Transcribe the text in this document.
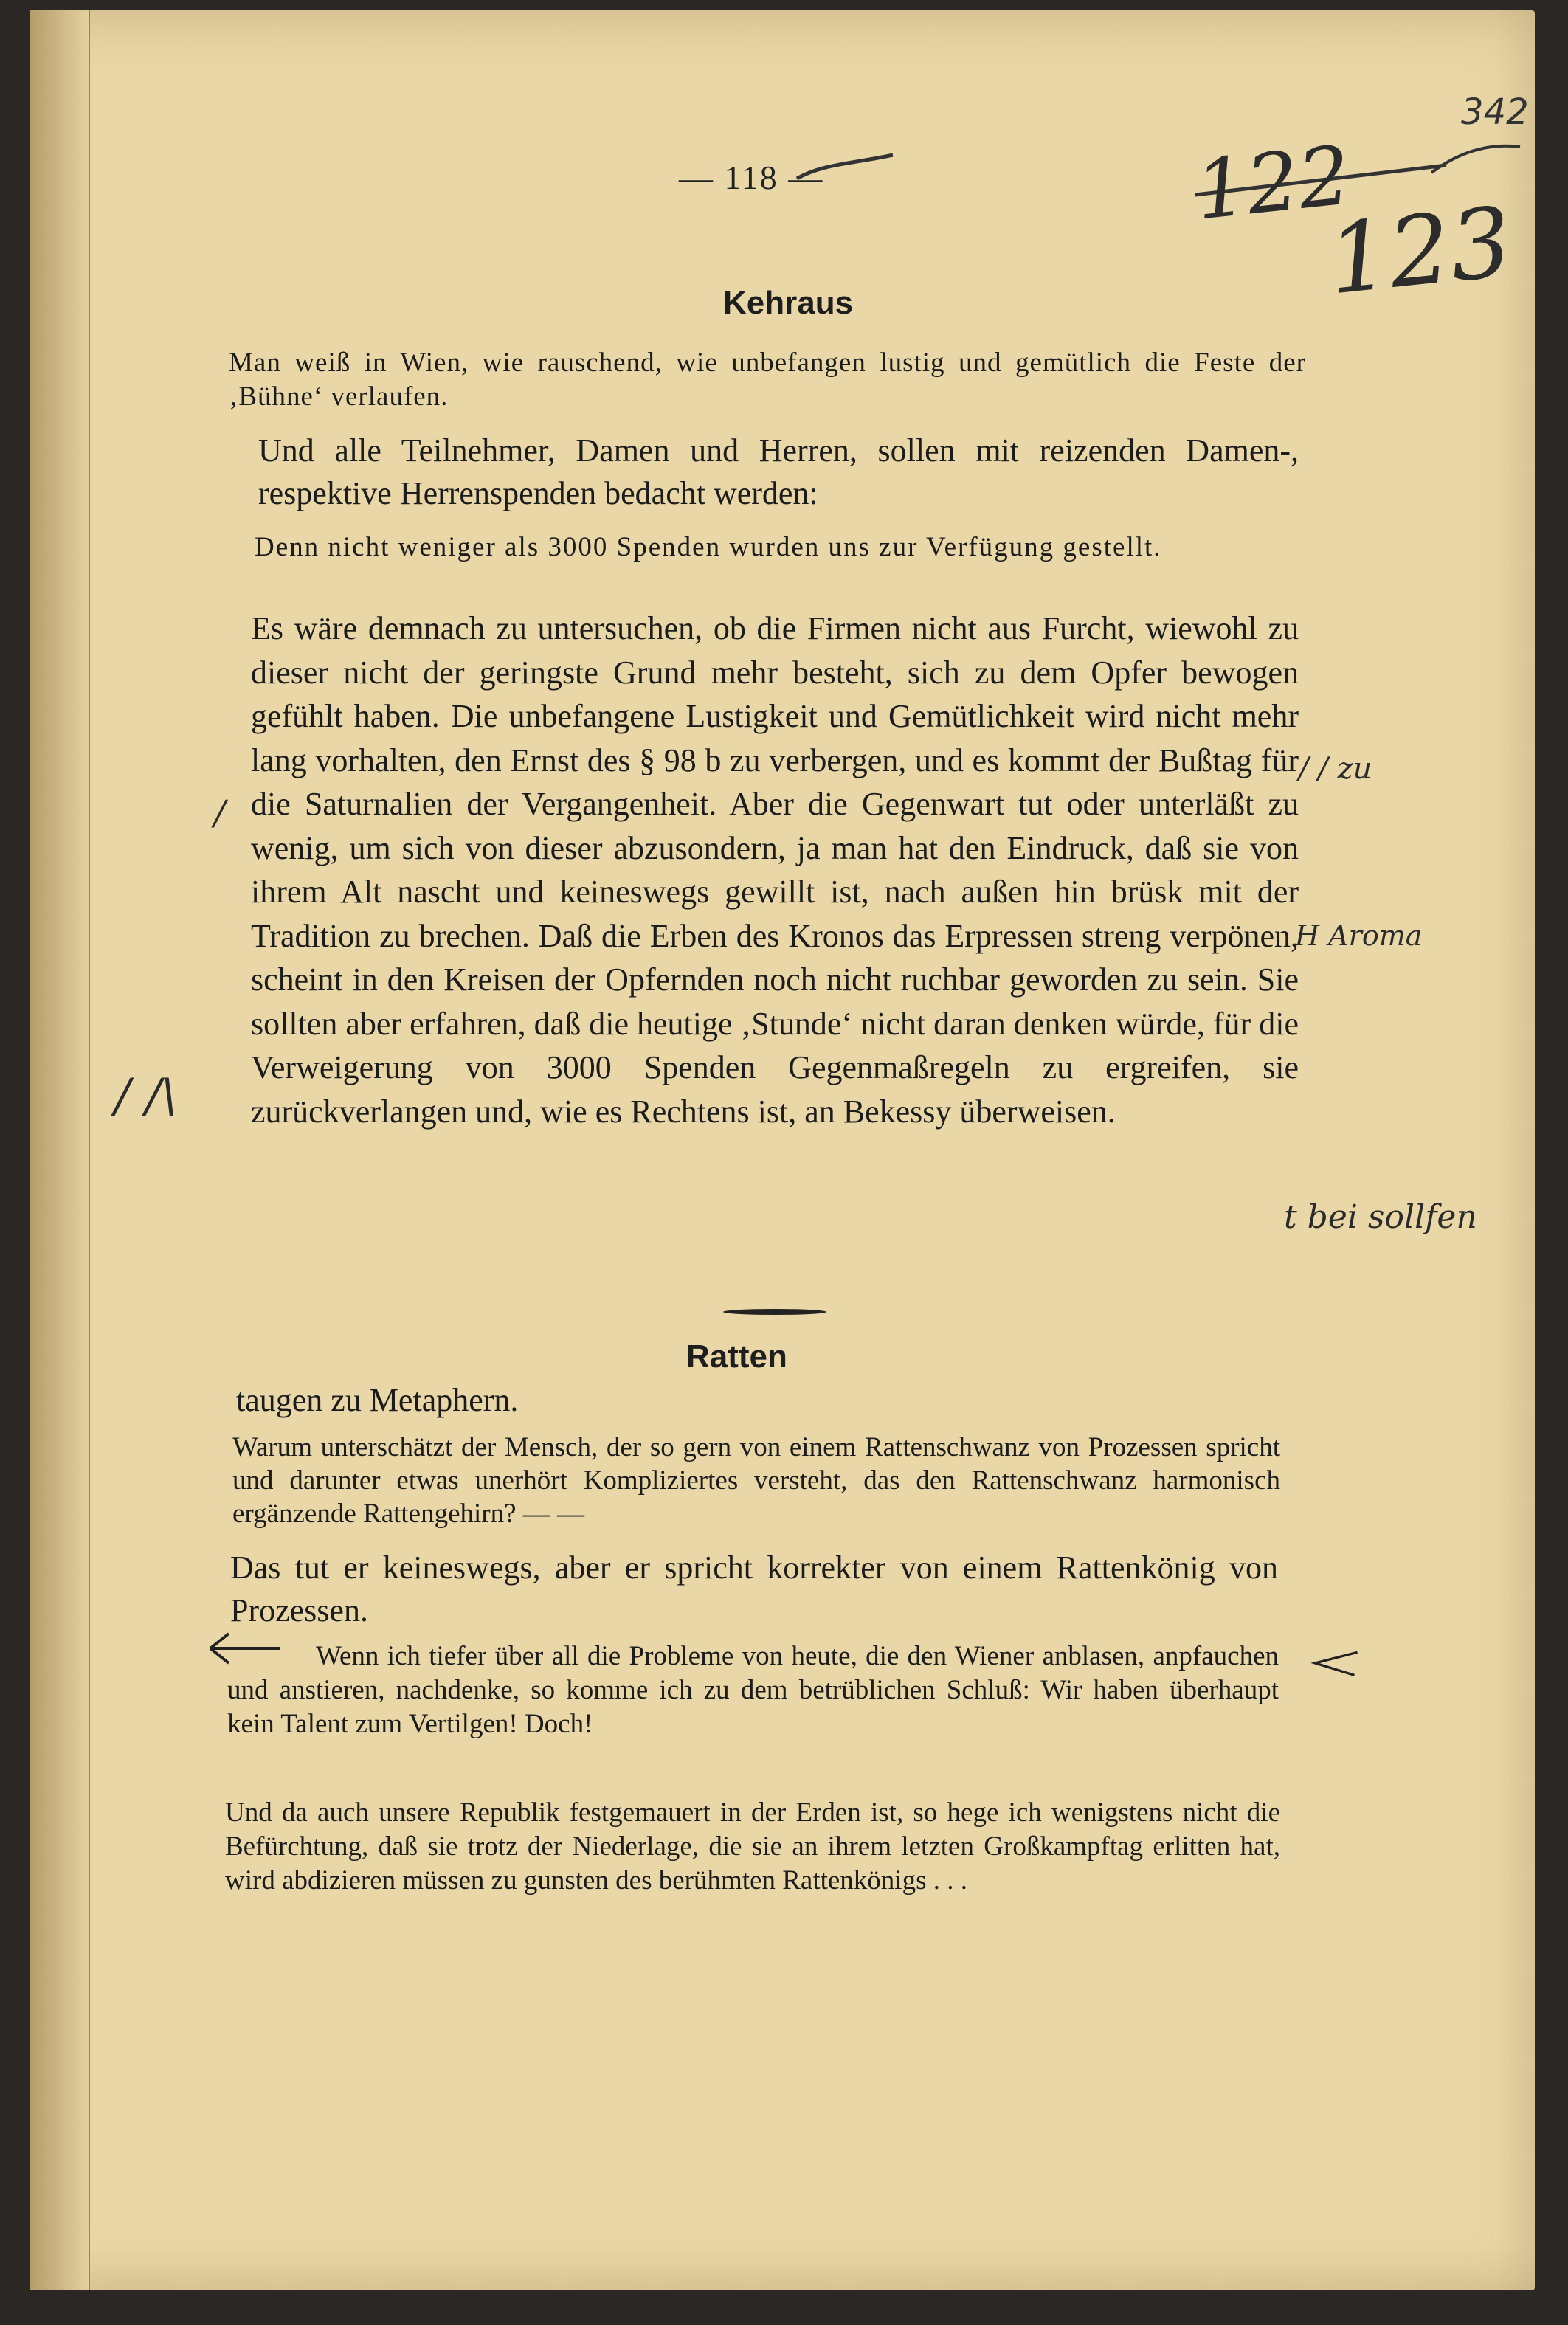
— 118 —
342
122
123
Kehraus

Man weiß in Wien, wie rauschend, wie unbefangen lustig und gemütlich die Feste der ‚Bühne‘ verlaufen.

Und alle Teilnehmer, Damen und Herren, sollen mit reizenden Damen-, respektive Herrenspenden bedacht werden:

Denn nicht weniger als 3000 Spenden wurden uns zur Verfügung gestellt.

Es wäre demnach zu untersuchen, ob die Firmen nicht aus Furcht, wiewohl zu dieser nicht der geringste Grund mehr besteht, sich zu dem Opfer bewogen gefühlt haben. Die unbefangene Lustigkeit und Gemütlichkeit wird nicht mehr lang vorhalten, den Ernst des § 98 b zu verbergen, und es kommt der Bußtag für die Saturnalien der Vergangenheit. Aber die Gegenwart tut oder unterläßt zu wenig, um sich von dieser abzusondern, ja man hat den Eindruck, daß sie von ihrem Alt nascht und keineswegs gewillt ist, nach außen hin brüsk mit der Tradition zu brechen. Daß die Erben des Kronos das Erpressen streng verpönen, scheint in den Kreisen der Opfernden noch nicht ruchbar geworden zu sein. Sie sollten aber erfahren, daß die heutige ‚Stunde‘ nicht daran denken würde, für die Verweigerung von 3000 Spenden Gegenmaßregeln zu ergreifen, sie zurückverlangen und, wie es Rechtens ist, an Bekessy überweisen.

Ratten

taugen zu Metaphern.

Warum unterschätzt der Mensch, der so gern von einem Rattenschwanz von Prozessen spricht und darunter etwas unerhört Kompliziertes versteht, das den Rattenschwanz harmonisch ergänzende Rattengehirn? — —

Das tut er keineswegs, aber er spricht korrekter von einem Rattenkönig von Prozessen.

Wenn ich tiefer über all die Probleme von heute, die den Wiener anblasen, anpfauchen und anstieren, nachdenke, so komme ich zu dem betrüblichen Schluß: Wir haben überhaupt kein Talent zum Vertilgen! Doch!

Und da auch unsere Republik festgemauert in der Erden ist, so hege ich wenigstens nicht die Befürchtung, daß sie trotz der Niederlage, die sie an ihrem letzten Großkampftag erlitten hat, wird abdizieren müssen zu gunsten des berühmten Rattenkönigs . . .

/ / zu
/
H Aroma
/ /\
t bei sollfen
